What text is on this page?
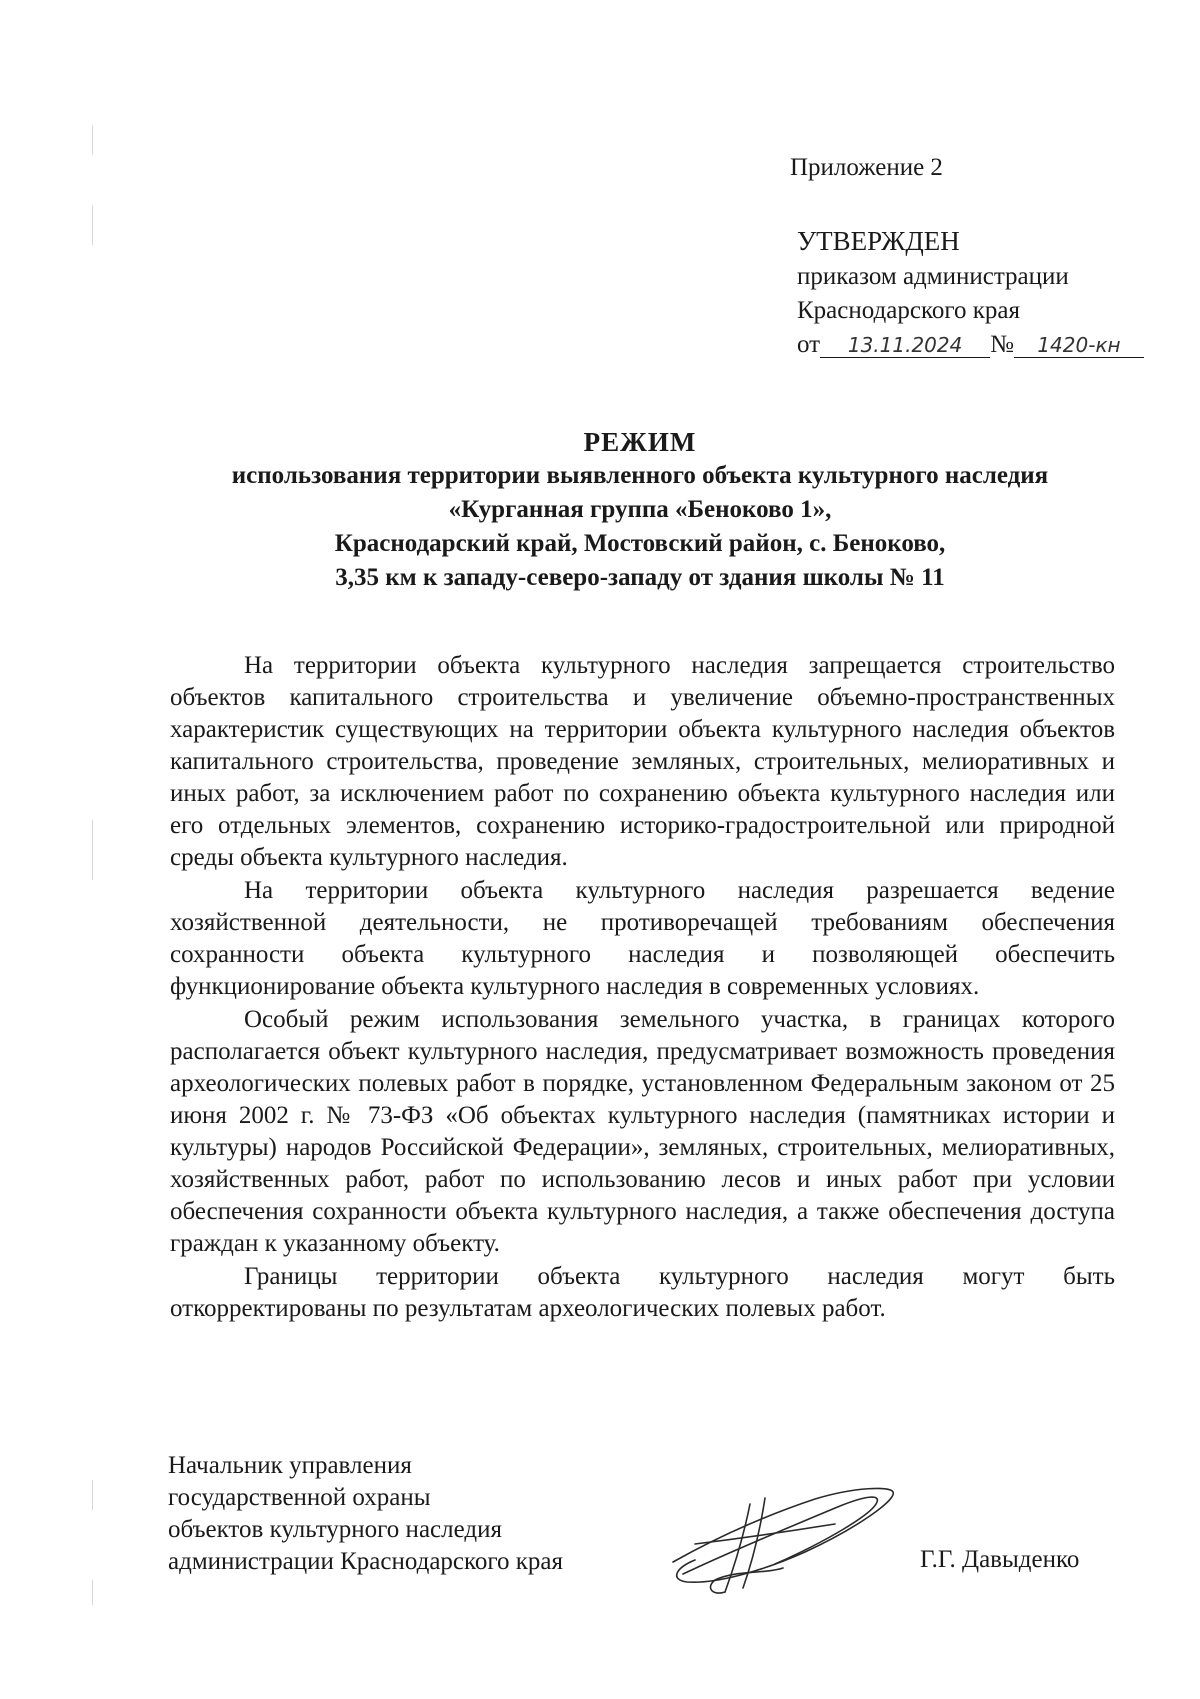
Приложение 2
УТВЕРЖДЕН
приказом администрации
Краснодарского края
от 13.11.2024 № 1420-кн
РЕЖИМ
использования территории выявленного объекта культурного наследия
«Курганная группа «Беноково 1»,
Краснодарский край, Мостовский район, с. Беноково,
3,35 км к западу-северо-западу от здания школы № 11

На территории объекта культурного наследия запрещается строительство объектов капитального строительства и увеличение объемно-пространственных характеристик существующих на территории объекта культурного наследия объектов капитального строительства, проведение земляных, строительных, мелиоративных и иных работ, за исключением работ по сохранению объекта культурного наследия или его отдельных элементов, сохранению историко-градостроительной или природной среды объекта культурного наследия.

На территории объекта культурного наследия разрешается ведение хозяйственной деятельности, не противоречащей требованиям обеспечения сохранности объекта культурного наследия и позволяющей обеспечить функционирование объекта культурного наследия в современных условиях.

Особый режим использования земельного участка, в границах которого располагается объект культурного наследия, предусматривает возможность проведения археологических полевых работ в порядке, установленном Федеральным законом от 25 июня 2002 г. № 73-ФЗ «Об объектах культурного наследия (памятниках истории и культуры) народов Российской Федерации», земляных, строительных, мелиоративных, хозяйственных работ, работ по использованию лесов и иных работ при условии обеспечения сохранности объекта культурного наследия, а также обеспечения доступа граждан к указанному объекту.

Границы территории объекта культурного наследия могут быть откорректированы по результатам археологических полевых работ.

Начальник управления
государственной охраны
объектов культурного наследия
администрации Краснодарского края	Г.Г. Давыденко
